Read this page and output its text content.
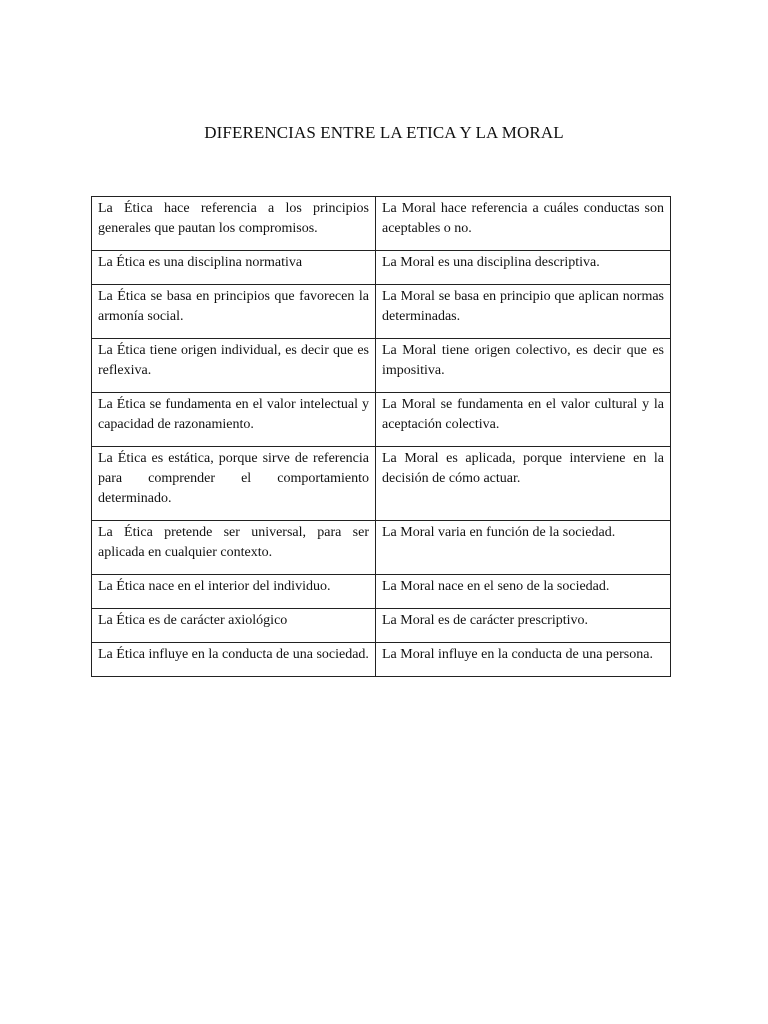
DIFERENCIAS ENTRE LA ETICA Y LA MORAL
La Ética hace referencia a los principios generales que pautan los compromisos.	La Moral hace referencia a cuáles conductas son aceptables o no.
La Ética es una disciplina normativa	La Moral es una disciplina descriptiva.
La Ética se basa en principios que favorecen la armonía social.	La Moral se basa en principio que aplican normas determinadas.
La Ética tiene origen individual, es decir que es reflexiva.	La Moral tiene origen colectivo, es decir que es impositiva.
La Ética se fundamenta en el valor intelectual y capacidad de razonamiento.	La Moral se fundamenta en el valor cultural y la aceptación colectiva.
La Ética es estática, porque sirve de referencia para comprender el comportamiento determinado.	La Moral es aplicada, porque interviene en la decisión de cómo actuar.
La Ética pretende ser universal, para ser aplicada en cualquier contexto.	La Moral varia en función de la sociedad.
La Ética nace en el interior del individuo.	La Moral nace en el seno de la sociedad.
La Ética es de carácter axiológico	La Moral es de carácter prescriptivo.
La Ética influye en la conducta de una sociedad.	La Moral influye en la conducta de una persona.
